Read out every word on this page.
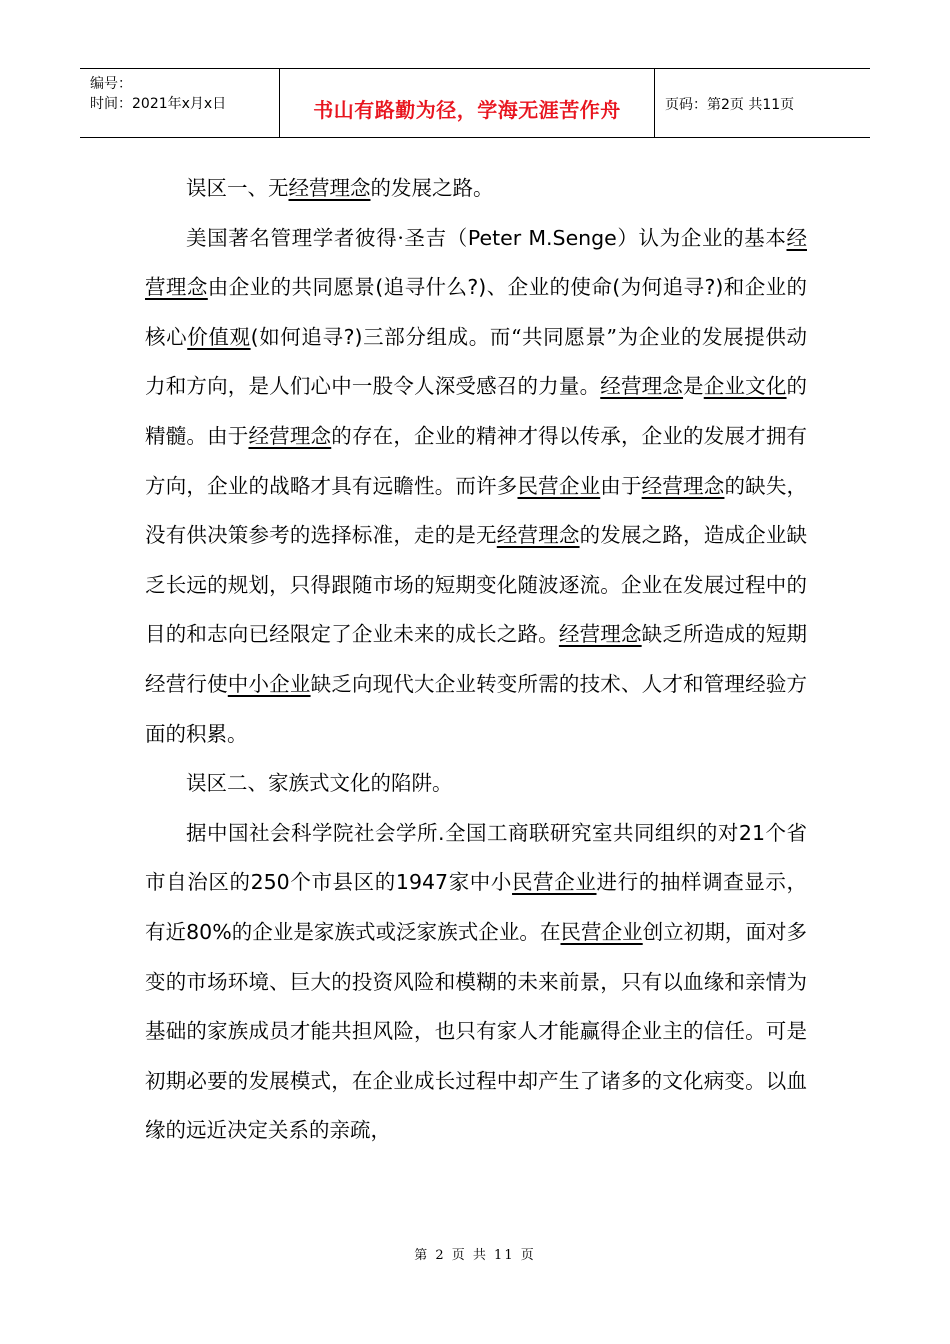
编号：
时间：2021年x月x日	书山有路勤为径，学海无涯苦作舟	页码：第2页 共11页

误区一、无经营理念的发展之路。

美国著名管理学者彼得·圣吉（Peter M.Senge）认为企业的基本经营理念由企业的共同愿景(追寻什么?)、企业的使命(为何追寻?)和企业的核心价值观(如何追寻?)三部分组成。而“共同愿景”为企业的发展提供动力和方向，是人们心中一股令人深受感召的力量。经营理念是企业文化的精髓。由于经营理念的存在，企业的精神才得以传承，企业的发展才拥有方向，企业的战略才具有远瞻性。而许多民营企业由于经营理念的缺失，没有供决策参考的选择标准，走的是无经营理念的发展之路，造成企业缺乏长远的规划，只得跟随市场的短期变化随波逐流。企业在发展过程中的目的和志向已经限定了企业未来的成长之路。经营理念缺乏所造成的短期经营行使中小企业缺乏向现代大企业转变所需的技术、人才和管理经验方面的积累。

误区二、家族式文化的陷阱。

据中国社会科学院社会学所.全国工商联研究室共同组织的对21个省市自治区的250个市县区的1947家中小民营企业进行的抽样调查显示，有近80%的企业是家族式或泛家族式企业。在民营企业创立初期，面对多变的市场环境、巨大的投资风险和模糊的未来前景，只有以血缘和亲情为基础的家族成员才能共担风险，也只有家人才能赢得企业主的信任。可是初期必要的发展模式，在企业成长过程中却产生了诸多的文化病变。以血缘的远近决定关系的亲疏，

第 2 页 共 11 页
